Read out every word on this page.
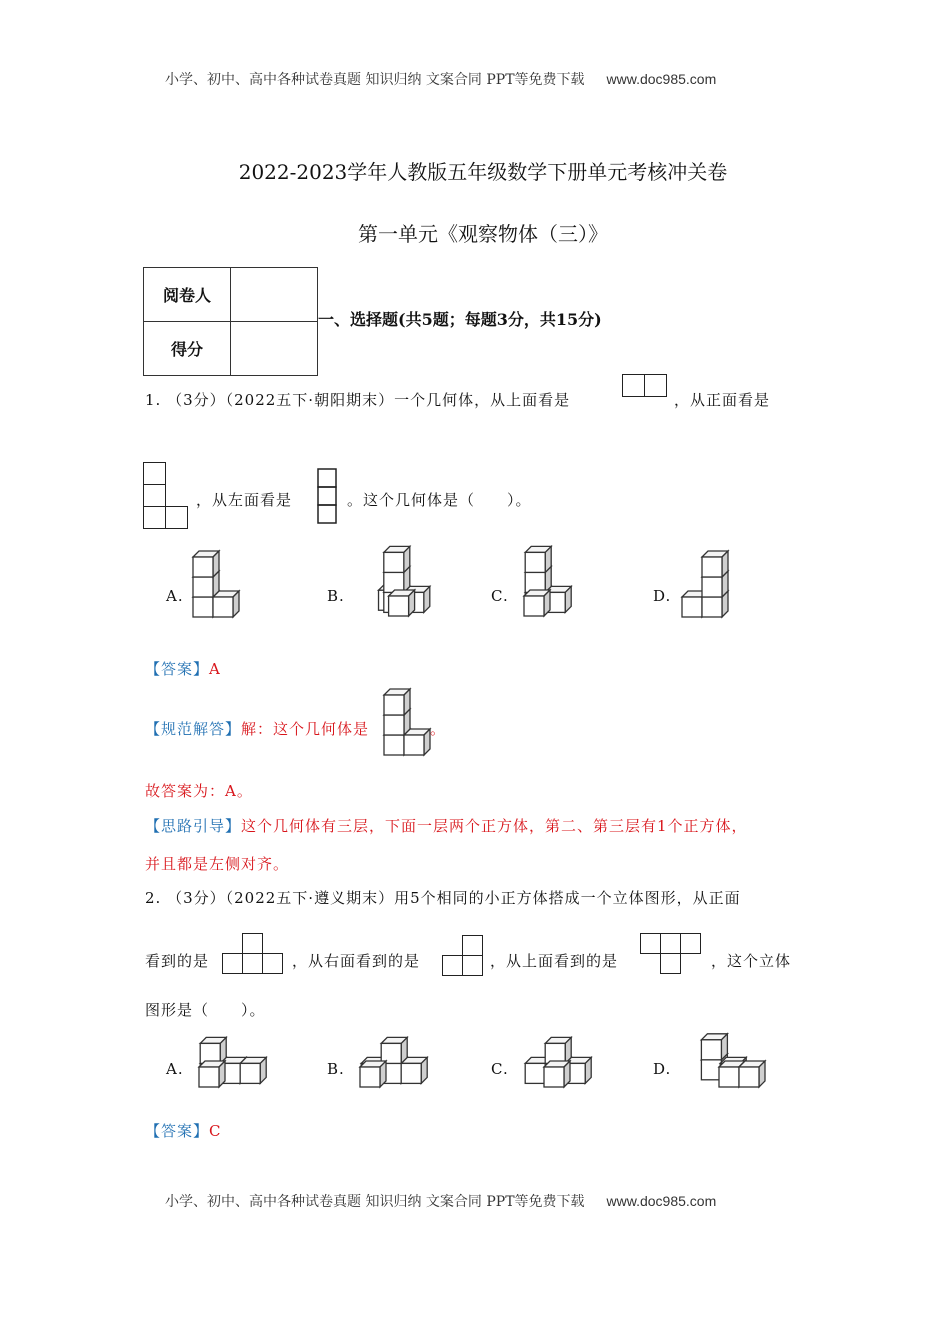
小学、初中、高中各种试卷真题 知识归纳 文案合同 PPT等免费下载 www.doc985.com
2022-2023学年人教版五年级数学下册单元考核冲关卷
第一单元《观察物体（三）》
阅卷人	
得分	
一、选择题(共5题；每题3分，共15分)
1. （3分）（2022五下·朝阳期末）一个几何体，从上面看是	，从正面看是
，从左面看是	。这个几何体是（　　）。
A.	B.	C.	D.
【答案】A
【规范解答】解：这个几何体是	。
故答案为：A。
【思路引导】这个几何体有三层，下面一层两个正方体，第二、第三层有1个正方体，
并且都是左侧对齐。
2. （3分）（2022五下·遵义期末）用5个相同的小正方体搭成一个立体图形，从正面
看到的是	，从右面看到的是	，从上面看到的是	，这个立体
图形是（　　）。
A.	B.	C.	D.
【答案】C
小学、初中、高中各种试卷真题 知识归纳 文案合同 PPT等免费下载 www.doc985.com
